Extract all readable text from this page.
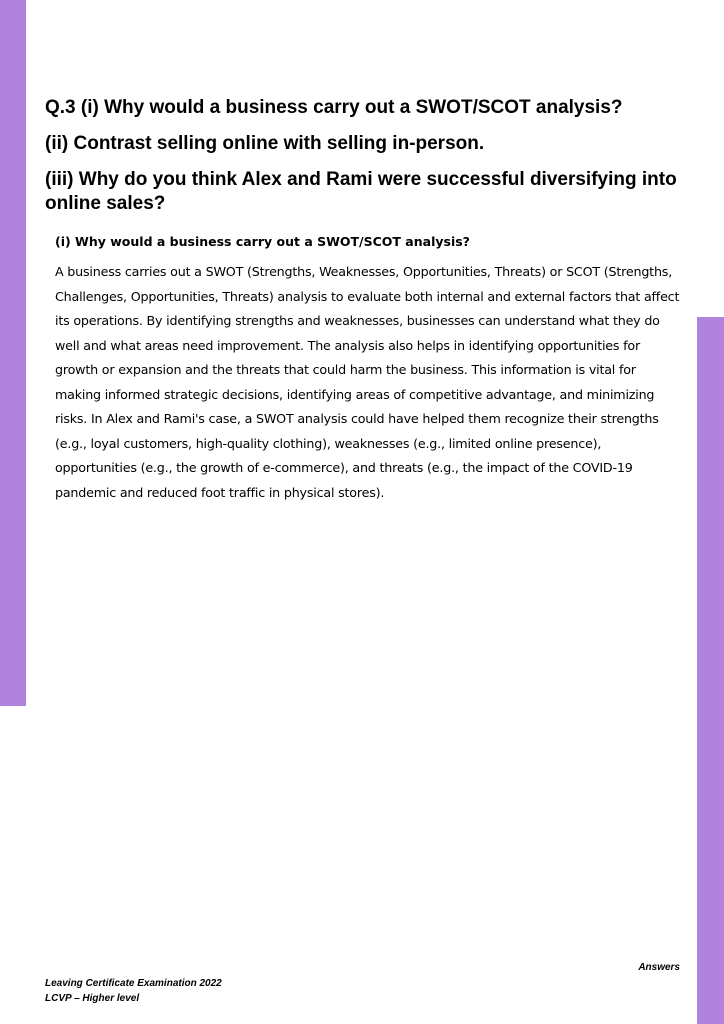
Q.3 (i) Why would a business carry out a SWOT/SCOT analysis?

(ii) Contrast selling online with selling in-person.

(iii) Why do you think Alex and Rami were successful diversifying into online sales?

(i) Why would a business carry out a SWOT/SCOT analysis?

A business carries out a SWOT (Strengths, Weaknesses, Opportunities, Threats) or SCOT (Strengths, Challenges, Opportunities, Threats) analysis to evaluate both internal and external factors that affect its operations. By identifying strengths and weaknesses, businesses can understand what they do well and what areas need improvement. The analysis also helps in identifying opportunities for growth or expansion and the threats that could harm the business. This information is vital for making informed strategic decisions, identifying areas of competitive advantage, and minimizing risks. In Alex and Rami's case, a SWOT analysis could have helped them recognize their strengths (e.g., loyal customers, high-quality clothing), weaknesses (e.g., limited online presence), opportunities (e.g., the growth of e-commerce), and threats (e.g., the impact of the COVID-19 pandemic and reduced foot traffic in physical stores).

Answers
Leaving Certificate Examination 2022
LCVP – Higher level
